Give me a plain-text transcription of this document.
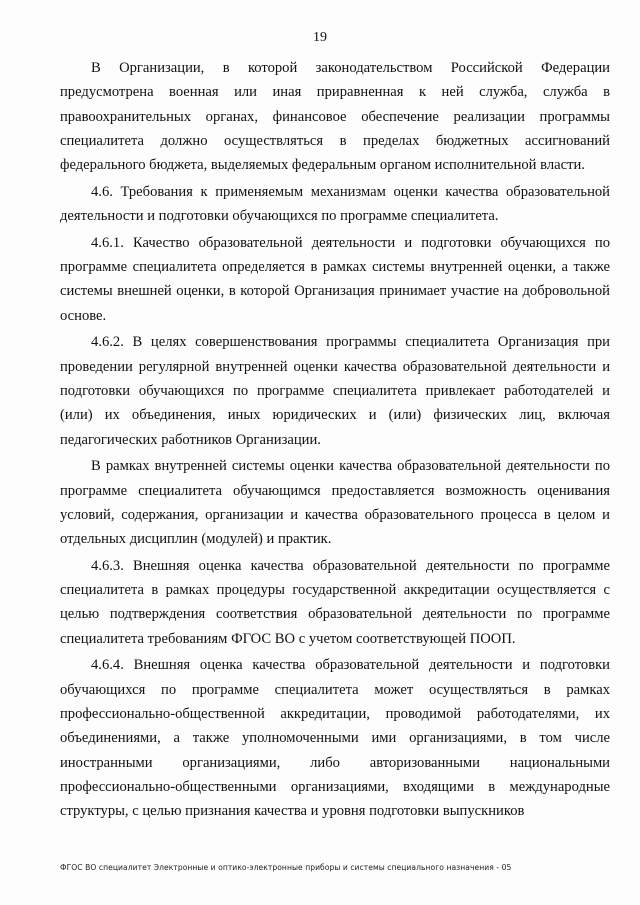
19

В Организации, в которой законодательством Российской Федерации предусмотрена военная или иная приравненная к ней служба, служба в правоохранительных органах, финансовое обеспечение реализации программы специалитета должно осуществляться в пределах бюджетных ассигнований федерального бюджета, выделяемых федеральным органом исполнительной власти.

4.6. Требования к применяемым механизмам оценки качества образовательной деятельности и подготовки обучающихся по программе специалитета.

4.6.1. Качество образовательной деятельности и подготовки обучающихся по программе специалитета определяется в рамках системы внутренней оценки, а также системы внешней оценки, в которой Организация принимает участие на добровольной основе.

4.6.2. В целях совершенствования программы специалитета Организация при проведении регулярной внутренней оценки качества образовательной деятельности и подготовки обучающихся по программе специалитета привлекает работодателей и (или) их объединения, иных юридических и (или) физических лиц, включая педагогических работников Организации.

В рамках внутренней системы оценки качества образовательной деятельности по программе специалитета обучающимся предоставляется возможность оценивания условий, содержания, организации и качества образовательного процесса в целом и отдельных дисциплин (модулей) и практик.

4.6.3. Внешняя оценка качества образовательной деятельности по программе специалитета в рамках процедуры государственной аккредитации осуществляется с целью подтверждения соответствия образовательной деятельности по программе специалитета требованиям ФГОС ВО с учетом соответствующей ПООП.

4.6.4. Внешняя оценка качества образовательной деятельности и подготовки обучающихся по программе специалитета может осуществляться в рамках профессионально-общественной аккредитации, проводимой работодателями, их объединениями, а также уполномоченными ими организациями, в том числе иностранными организациями, либо авторизованными национальными профессионально-общественными организациями, входящими в международные структуры, с целью признания качества и уровня подготовки выпускников

ФГОС ВО специалитет Электронные и оптико-электронные приборы и системы специального назначения - 05
